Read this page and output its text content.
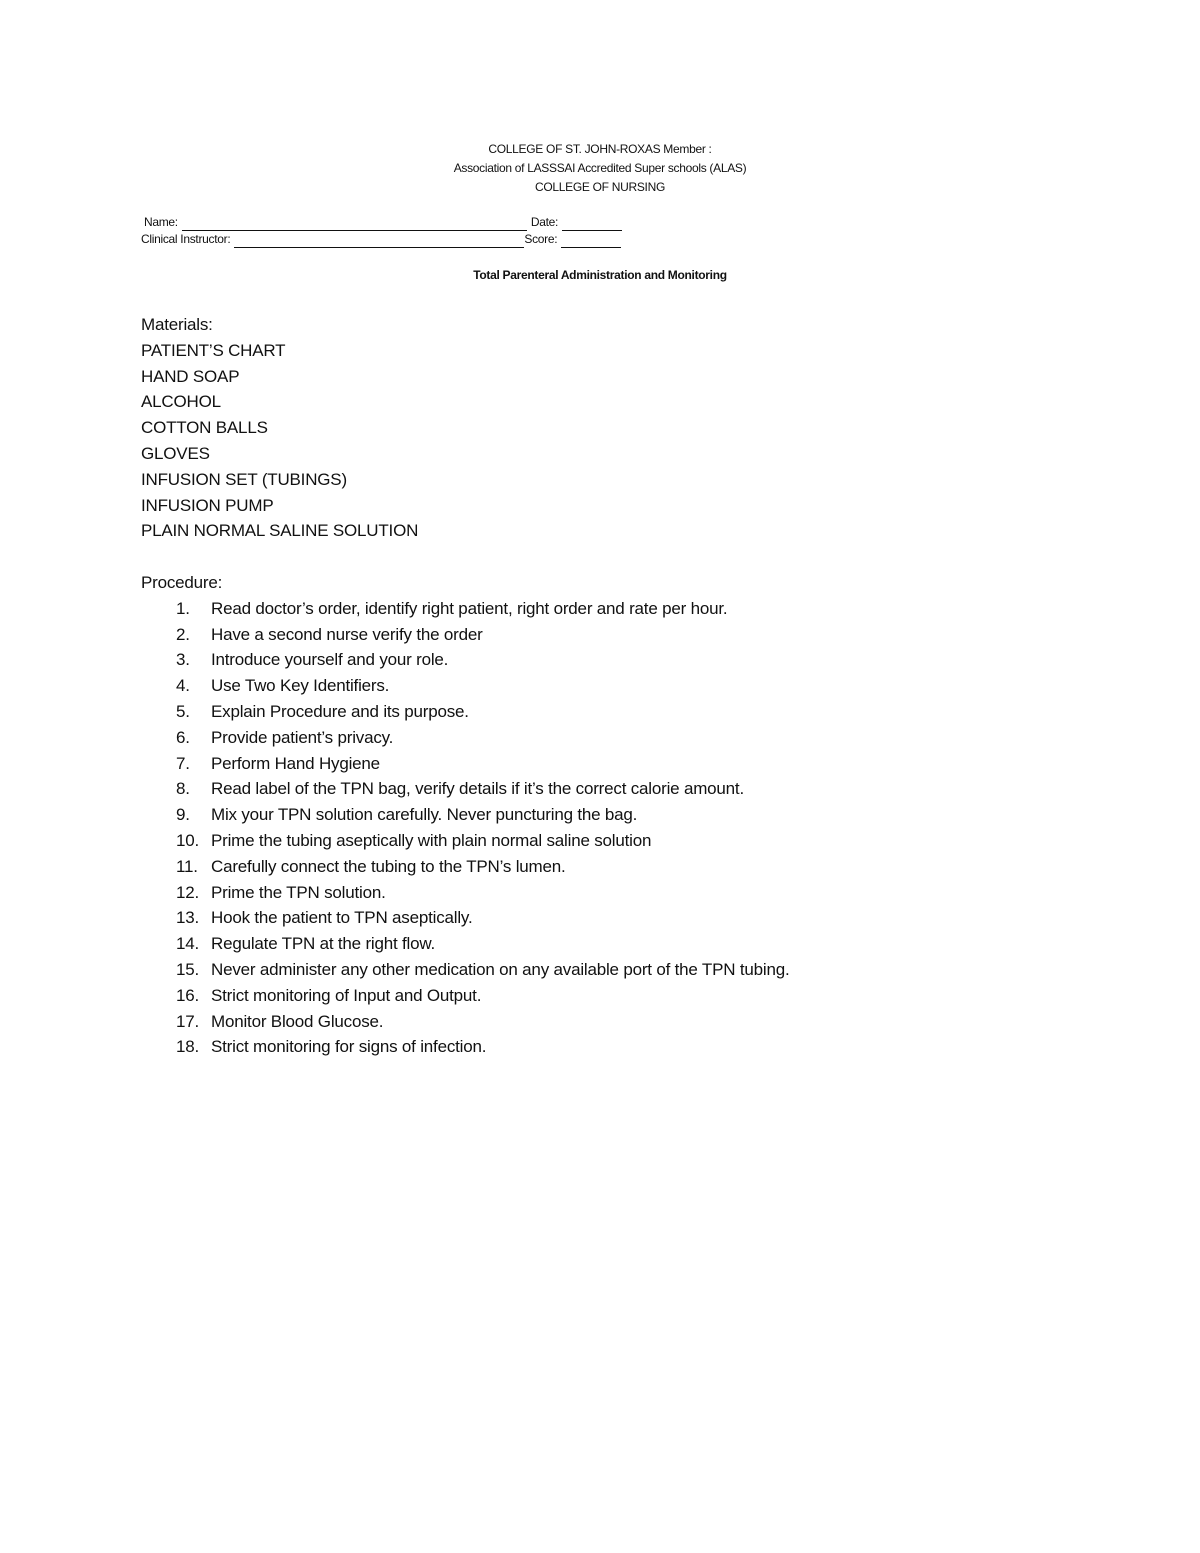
COLLEGE OF ST. JOHN-ROXAS Member :
Association of LASSSAI Accredited Super schools (ALAS)
COLLEGE OF NURSING
Name:	Date:
Clinical Instructor:	Score:
Total Parenteral Administration and Monitoring
Materials:
PATIENT’S CHART
HAND SOAP
ALCOHOL
COTTON BALLS
GLOVES
INFUSION SET (TUBINGS)
INFUSION PUMP
PLAIN NORMAL SALINE SOLUTION
Procedure:
1.	Read doctor’s order, identify right patient, right order and rate per hour.
2.	Have a second nurse verify the order
3.	Introduce yourself and your role.
4.	Use Two Key Identifiers.
5.	Explain Procedure and its purpose.
6.	Provide patient’s privacy.
7.	Perform Hand Hygiene
8.	Read label of the TPN bag, verify details if it’s the correct calorie amount.
9.	Mix your TPN solution carefully. Never puncturing the bag.
10. Prime the tubing aseptically with plain normal saline solution
11. Carefully connect the tubing to the TPN’s lumen.
12. Prime the TPN solution.
13. Hook the patient to TPN aseptically.
14. Regulate TPN at the right flow.
15. Never administer any other medication on any available port of the TPN tubing.
16. Strict monitoring of Input and Output.
17. Monitor Blood Glucose.
18. Strict monitoring for signs of infection.
